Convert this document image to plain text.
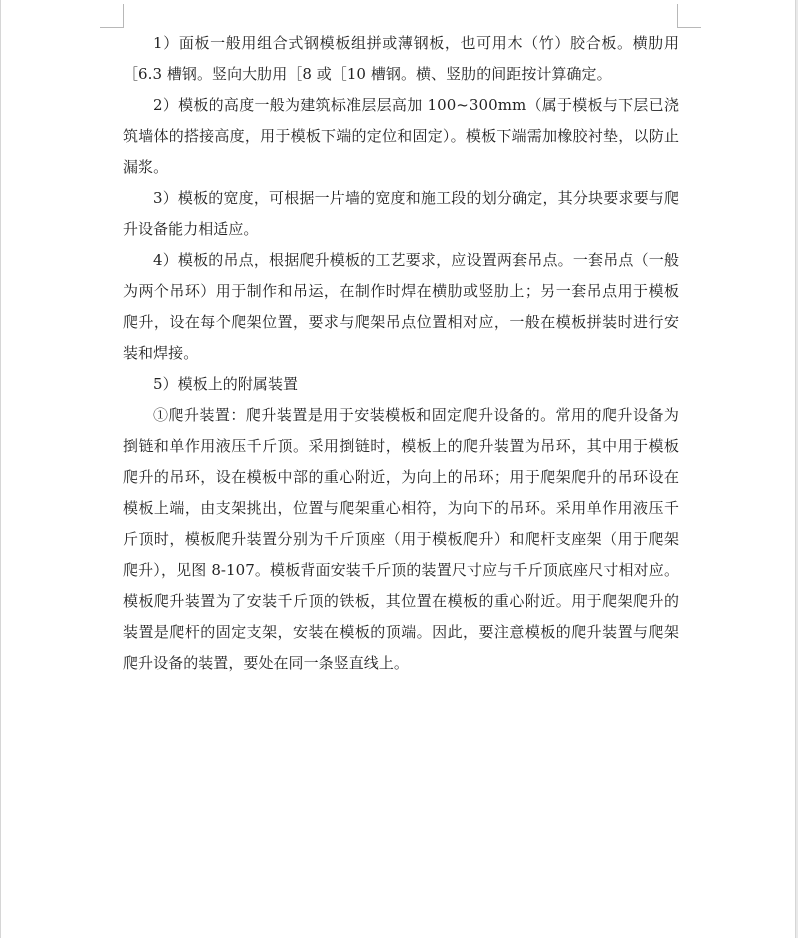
1）面板一般用组合式钢模板组拼或薄钢板，也可用木（竹）胶合板。横肋用［6.3 槽钢。竖向大肋用［8 或［10 槽钢。横、竖肋的间距按计算确定。

2）模板的高度一般为建筑标准层层高加 100~300mm（属于模板与下层已浇筑墙体的搭接高度，用于模板下端的定位和固定）。模板下端需加橡胶衬垫，以防止漏浆。

3）模板的宽度，可根据一片墙的宽度和施工段的划分确定，其分块要求要与爬升设备能力相适应。

4）模板的吊点，根据爬升模板的工艺要求，应设置两套吊点。一套吊点（一般为两个吊环）用于制作和吊运，在制作时焊在横肋或竖肋上；另一套吊点用于模板爬升，设在每个爬架位置，要求与爬架吊点位置相对应，一般在模板拼装时进行安装和焊接。

5）模板上的附属装置

①爬升装置：爬升装置是用于安装模板和固定爬升设备的。常用的爬升设备为捯链和单作用液压千斤顶。采用捯链时，模板上的爬升装置为吊环，其中用于模板爬升的吊环，设在模板中部的重心附近，为向上的吊环；用于爬架爬升的吊环设在模板上端，由支架挑出，位置与爬架重心相符，为向下的吊环。采用单作用液压千斤顶时，模板爬升装置分别为千斤顶座（用于模板爬升）和爬杆支座架（用于爬架爬升），见图 8-107。模板背面安装千斤顶的装置尺寸应与千斤顶底座尺寸相对应。模板爬升装置为了安装千斤顶的铁板，其位置在模板的重心附近。用于爬架爬升的装置是爬杆的固定支架，安装在模板的顶端。因此，要注意模板的爬升装置与爬架爬升设备的装置，要处在同一条竖直线上。
